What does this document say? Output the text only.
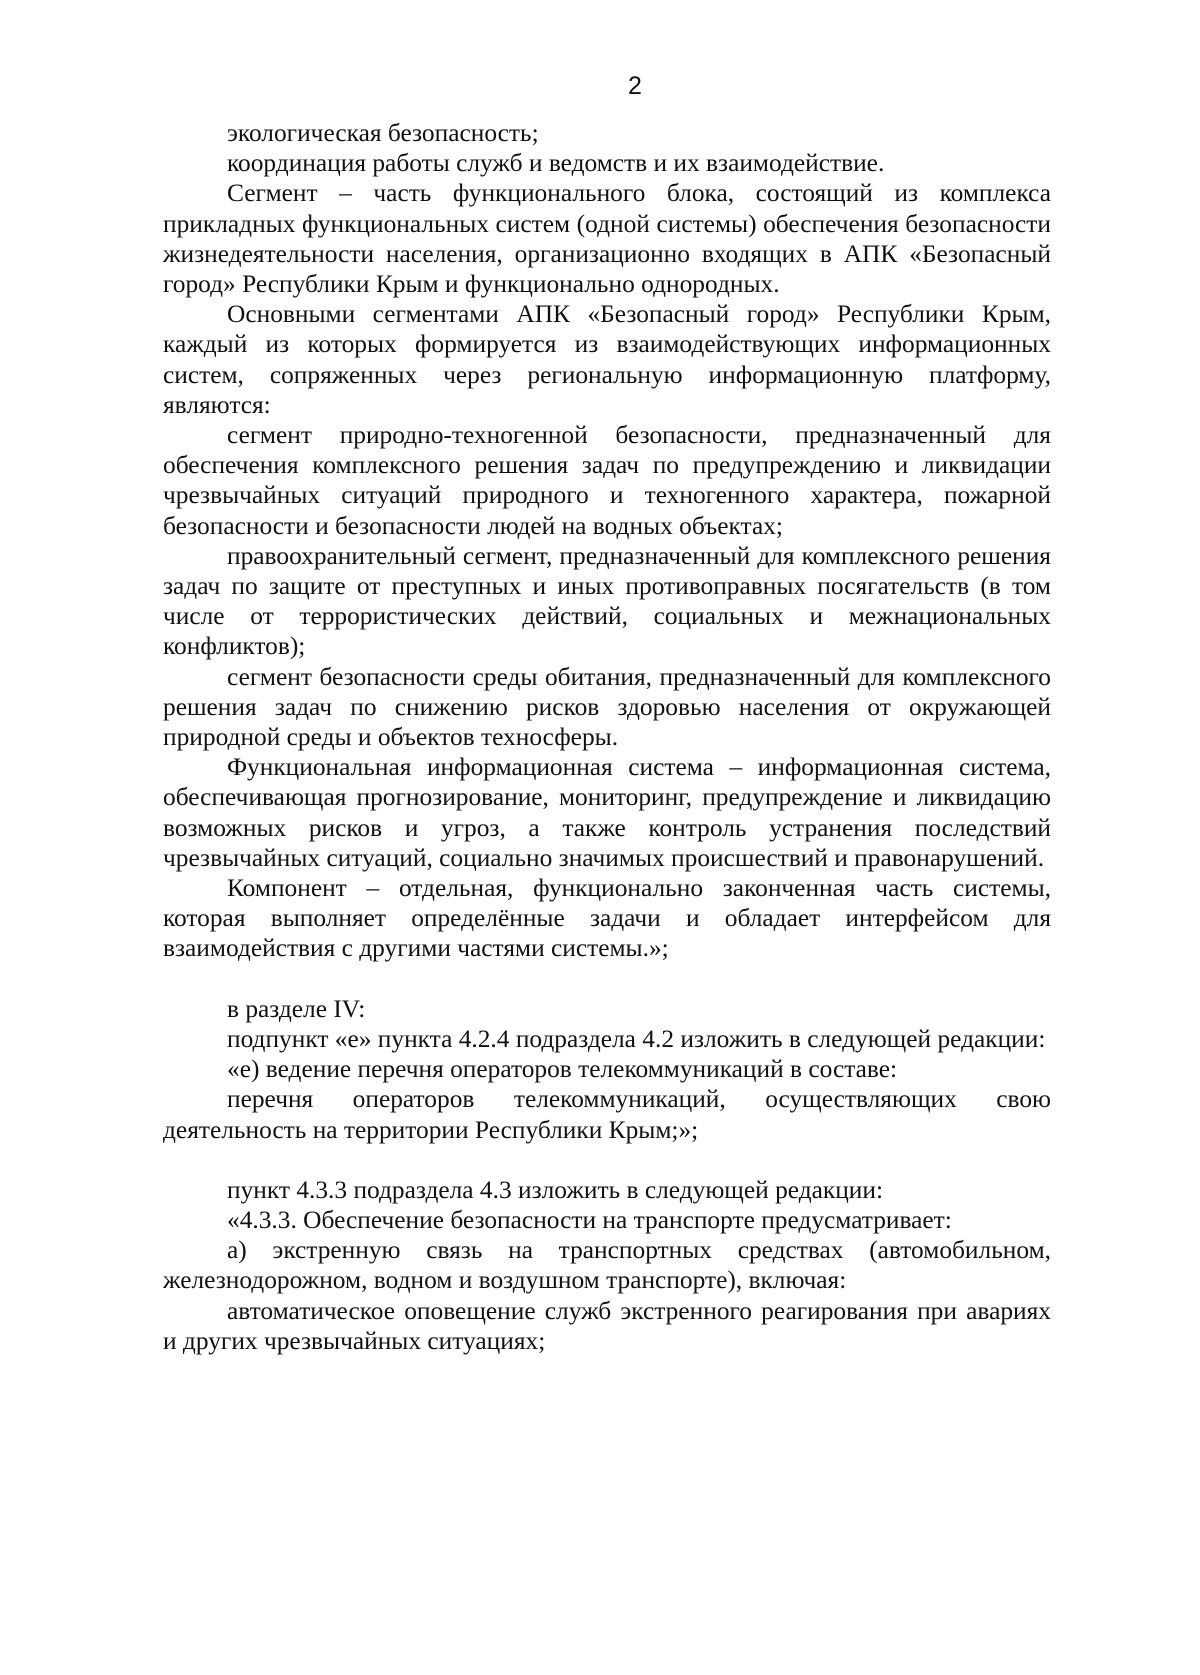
2

экологическая безопасность;

координация работы служб и ведомств и их взаимодействие.

Сегмент – часть функционального блока, состоящий из комплекса прикладных функциональных систем (одной системы) обеспечения безопасности жизнедеятельности населения, организационно входящих в АПК «Безопасный город» Республики Крым и функционально однородных.

Основными сегментами АПК «Безопасный город» Республики Крым, каждый из которых формируется из взаимодействующих информационных систем, сопряженных через региональную информационную платформу, являются:

сегмент природно-техногенной безопасности, предназначенный для обеспечения комплексного решения задач по предупреждению и ликвидации чрезвычайных ситуаций природного и техногенного характера, пожарной безопасности и безопасности людей на водных объектах;

правоохранительный сегмент, предназначенный для комплексного решения задач по защите от преступных и иных противоправных посягательств (в том числе от террористических действий, социальных и межнациональных конфликтов);

сегмент безопасности среды обитания, предназначенный для комплексного решения задач по снижению рисков здоровью населения от окружающей природной среды и объектов техносферы.

Функциональная информационная система – информационная система, обеспечивающая прогнозирование, мониторинг, предупреждение и ликвидацию возможных рисков и угроз, а также контроль устранения последствий чрезвычайных ситуаций, социально значимых происшествий и правонарушений.

Компонент – отдельная, функционально законченная часть системы, которая выполняет определённые задачи и обладает интерфейсом для взаимодействия с другими частями системы.»;

в разделе IV:

подпункт «е» пункта 4.2.4 подраздела 4.2 изложить в следующей редакции:

«е) ведение перечня операторов телекоммуникаций в составе:

перечня операторов телекоммуникаций, осуществляющих свою деятельность на территории Республики Крым;»;

пункт 4.3.3 подраздела 4.3 изложить в следующей редакции:

«4.3.3. Обеспечение безопасности на транспорте предусматривает:

а) экстренную связь на транспортных средствах (автомобильном, железнодорожном, водном и воздушном транспорте), включая:

автоматическое оповещение служб экстренного реагирования при авариях и других чрезвычайных ситуациях;
